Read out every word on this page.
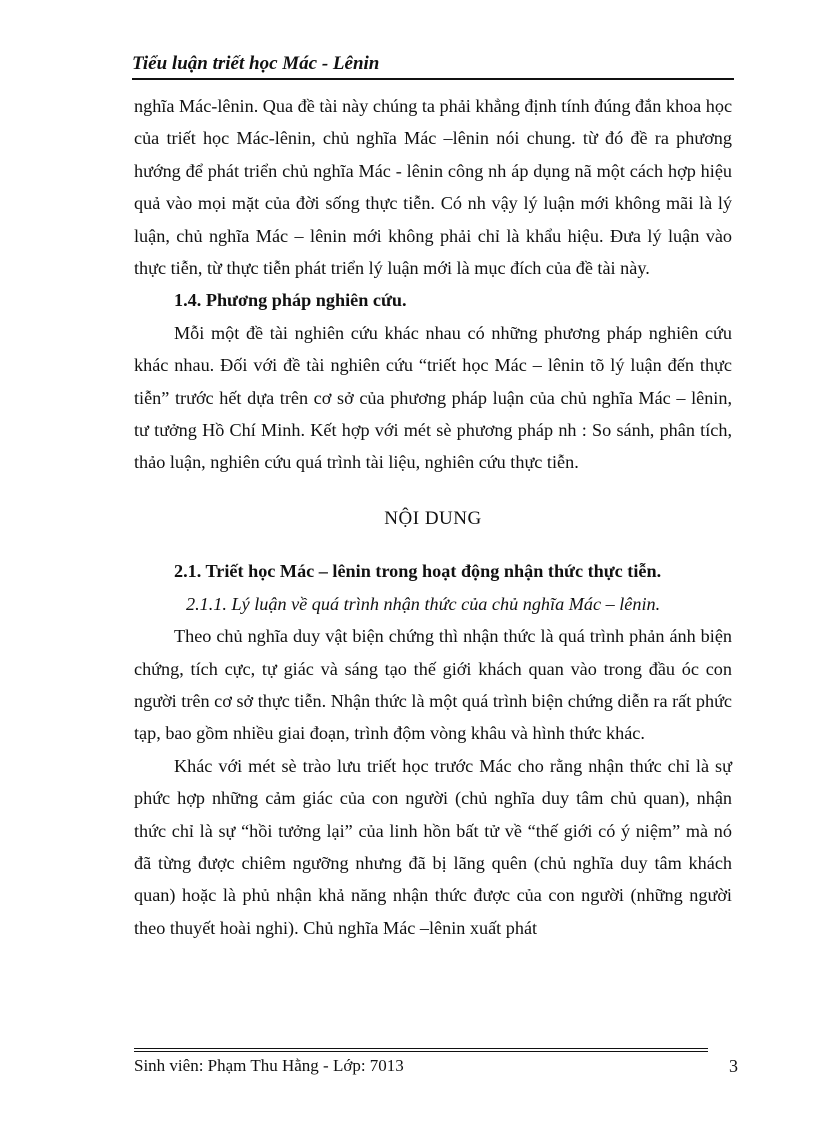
Tiểu luận triết học Mác - Lênin

nghĩa Mác-lênin. Qua đề tài này chúng ta phải khẳng định tính đúng đắn khoa học của triết học Mác-lênin, chủ nghĩa Mác –lênin nói chung. từ đó đề ra phương hướng để phát triển chủ nghĩa Mác - lênin công nh áp dụng nã một cách hợp hiệu quả vào mọi mặt của đời sống thực tiễn. Có nh vậy lý luận mới không mãi là lý luận, chủ nghĩa Mác – lênin mới không phải chỉ là khẩu hiệu. Đưa lý luận vào thực tiễn, từ thực tiễn phát triển lý luận mới là mục đích của đề tài này.

1.4. Phương pháp nghiên cứu.

Mỗi một đề tài nghiên cứu khác nhau có những phương pháp nghiên cứu khác nhau. Đối với đề tài nghiên cứu “triết học Mác – lênin tõ lý luận đến thực tiễn” trước hết dựa trên cơ sở của phương pháp luận của chủ nghĩa Mác – lênin, tư tưởng Hồ Chí Minh. Kết hợp với mét sè phương pháp nh : So sánh, phân tích, thảo luận, nghiên cứu quá trình tài liệu, nghiên cứu thực tiễn.

NỘI DUNG

2.1. Triết học Mác – lênin trong hoạt động nhận thức thực tiễn.

2.1.1. Lý luận về quá trình nhận thức của chủ nghĩa Mác – lênin.

Theo chủ nghĩa duy vật biện chứng thì nhận thức là quá trình phản ánh biện chứng, tích cực, tự giác và sáng tạo thế giới khách quan vào trong đầu óc con người trên cơ sở thực tiễn. Nhận thức là một quá trình biện chứng diễn ra rất phức tạp, bao gồm nhiều giai đoạn, trình độm vòng khâu và hình thức khác.

Khác với mét sè trào lưu triết học trước Mác cho rằng nhận thức chỉ là sự phức hợp những cảm giác của con người (chủ nghĩa duy tâm chủ quan), nhận thức chỉ là sự “hồi tưởng lại” của linh hồn bất tử về “thế giới có ý niệm” mà nó đã từng được chiêm ngưỡng nhưng đã bị lãng quên (chủ nghĩa duy tâm khách quan) hoặc là phủ nhận khả năng nhận thức được của con người (những người theo thuyết hoài nghi). Chủ nghĩa Mác –lênin xuất phát

Sinh viên: Phạm Thu Hằng - Lớp: 7013	3
